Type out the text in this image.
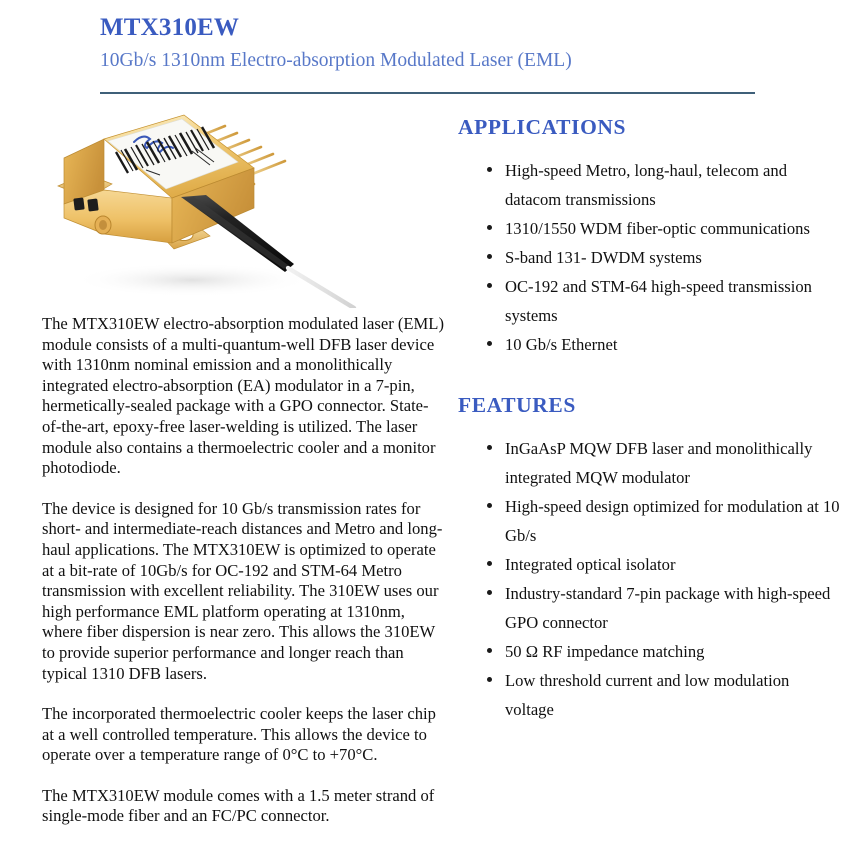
MTX310EW
10Gb/s 1310nm Electro-absorption Modulated Laser (EML)

The MTX310EW electro-absorption modulated laser (EML) module consists of a multi-quantum-well DFB laser device with 1310nm nominal emission and a monolithically integrated electro-absorption (EA) modulator in a 7-pin, hermetically-sealed package with a GPO connector. State-of-the-art, epoxy-free laser-welding is utilized. The laser module also contains a thermoelectric cooler and a monitor photodiode.

The device is designed for 10 Gb/s transmission rates for short- and intermediate-reach distances and Metro and long-haul applications. The MTX310EW is optimized to operate at a bit-rate of 10Gb/s for OC-192 and STM-64 Metro transmission with excellent reliability. The 310EW uses our high performance EML platform operating at 1310nm, where fiber dispersion is near zero. This allows the 310EW to provide superior performance and longer reach than typical 1310 DFB lasers.

The incorporated thermoelectric cooler keeps the laser chip at a well controlled temperature. This allows the device to operate over a temperature range of 0°C to +70°C.

The MTX310EW module comes with a 1.5 meter strand of single-mode fiber and an FC/PC connector.

APPLICATIONS
High-speed Metro, long-haul, telecom and datacom transmissions
1310/1550 WDM fiber-optic communications
S-band 131- DWDM systems
OC-192 and STM-64 high-speed transmission systems
10 Gb/s Ethernet
FEATURES
InGaAsP MQW DFB laser and monolithically integrated MQW modulator
High-speed design optimized for modulation at 10 Gb/s
Integrated optical isolator
Industry-standard 7-pin package with high-speed GPO connector
50 Ω RF impedance matching
Low threshold current and low modulation voltage
